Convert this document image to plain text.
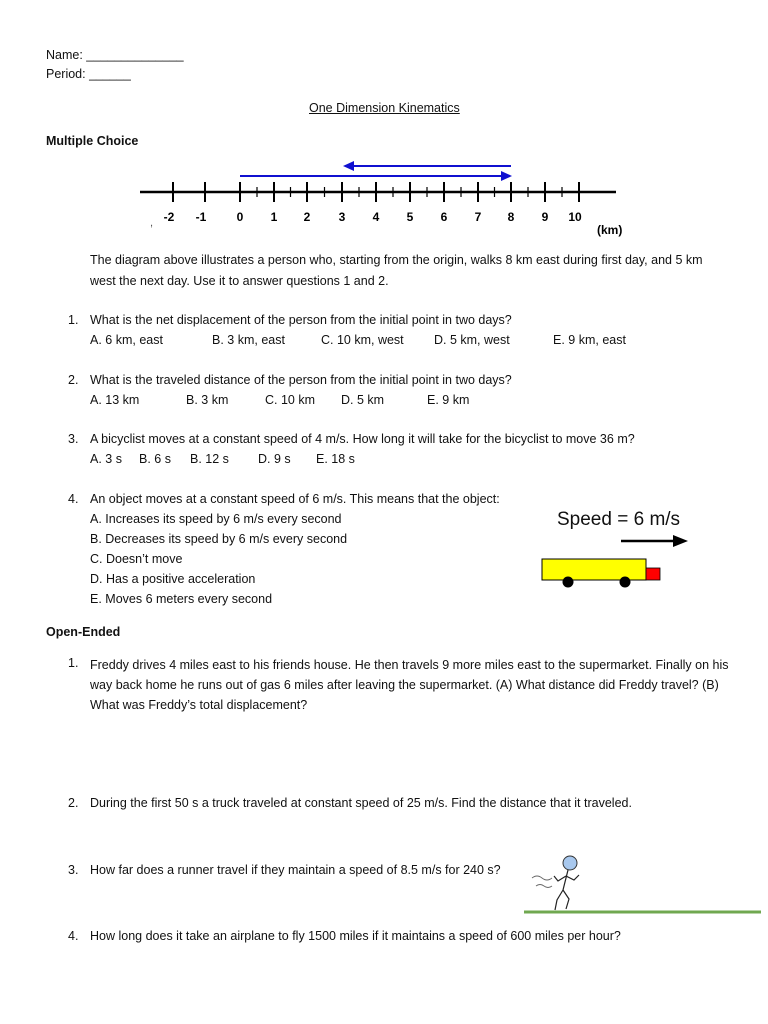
Name: ______________
Period: ______
One Dimension Kinematics
Multiple Choice
-2 -1	0 1 2 3 4 5 6 7 8 9 10
(km)
,
The diagram above illustrates a person who, starting from the origin, walks 8 km east during first day, and 5 km west the next day. Use it to answer questions 1 and 2.
1. What is the net displacement of the person from the initial point in two days?
A. 6 km, east	B. 3 km, east	C. 10 km, west D. 5 km, west	E. 9 km, east
2. What is the traveled distance of the person from the initial point in two days?
A. 13 km	B. 3 km	C. 10 km D. 5 km	E. 9 km
3. A bicyclist moves at a constant speed of 4 m/s. How long it will take for the bicyclist to move 36 m?
A. 3 s B. 6 s B. 12 s D. 9 s E. 18 s
4. An object moves at a constant speed of 6 m/s. This means that the object:
A. Increases its speed by 6 m/s every second
B. Decreases its speed by 6 m/s every second
C. Doesn’t move
D. Has a positive acceleration
E. Moves 6 meters every second
Speed = 6 m/s
Open-Ended
1. Freddy drives 4 miles east to his friends house. He then travels 9 more miles east to the supermarket. Finally on his way back home he runs out of gas 6 miles after leaving the supermarket. (A) What distance did Freddy travel? (B) What was Freddy’s total displacement?
2. During the first 50 s a truck traveled at constant speed of 25 m/s. Find the distance that it traveled.
3. How far does a runner travel if they maintain a speed of 8.5 m/s for 240 s?
4. How long does it take an airplane to fly 1500 miles if it maintains a speed of 600 miles per hour?
